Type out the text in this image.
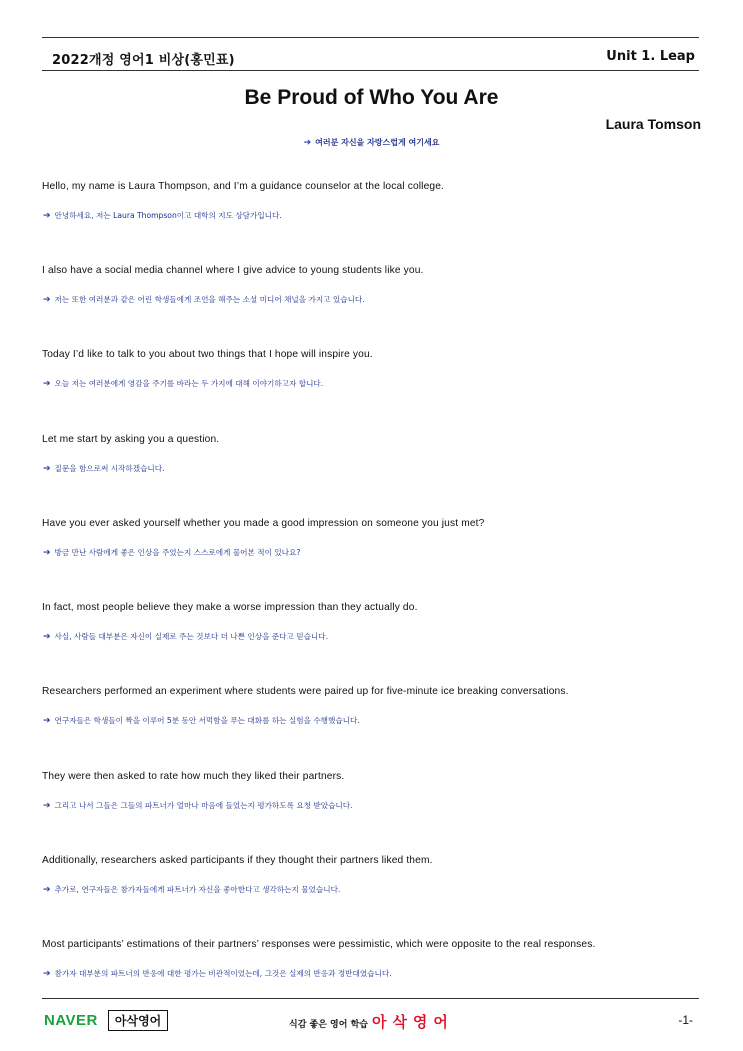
2022개정 영어1 비상(홍민표)	Unit 1. Leap
Be Proud of Who You Are
Laura Tomson
➔ 여러분 자신을 자랑스럽게 여기세요
Hello, my name is Laura Thompson, and I’m a guidance counselor at the local college.
➔ 안녕하세요, 저는 Laura Thompson이고 대학의 지도 상담가입니다.
I also have a social media channel where I give advice to young students like you.
➔ 저는 또한 여러분과 같은 어린 학생들에게 조언을 해주는 소셜 미디어 채널을 가지고 있습니다.
Today I’d like to talk to you about two things that I hope will inspire you.
➔ 오늘 저는 여러분에게 영감을 주기를 바라는 두 가지에 대해 이야기하고자 합니다.
Let me start by asking you a question.
➔ 질문을 함으로써 시작하겠습니다.
Have you ever asked yourself whether you made a good impression on someone you just met?
➔ 방금 만난 사람에게 좋은 인상을 주었는지 스스로에게 물어본 적이 있나요?
In fact, most people believe they make a worse impression than they actually do.
➔ 사실, 사람들 대부분은 자신이 실제로 주는 것보다 더 나쁜 인상을 준다고 믿습니다.
Researchers performed an experiment where students were paired up for five-minute ice breaking conversations.
➔ 연구자들은 학생들이 짝을 이루어 5분 동안 서먹함을 푸는 대화를 하는 실험을 수행했습니다.
They were then asked to rate how much they liked their partners.
➔ 그리고 나서 그들은 그들의 파트너가 얼마나 마음에 들었는지 평가하도록 요청 받았습니다.
Additionally, researchers asked participants if they thought their partners liked them.
➔ 추가로, 연구자들은 참가자들에게 파트너가 자신을 좋아한다고 생각하는지 물었습니다.
Most participants’ estimations of their partners’ responses were pessimistic, which were opposite to the real responses.
➔ 참가자 대부분의 파트너의 반응에 대한 평가는 비관적이었는데, 그것은 실제의 반응과 정반대였습니다.
NAVER	아삭영어	식감 좋은 영어 학습 아삭영어	-1-
